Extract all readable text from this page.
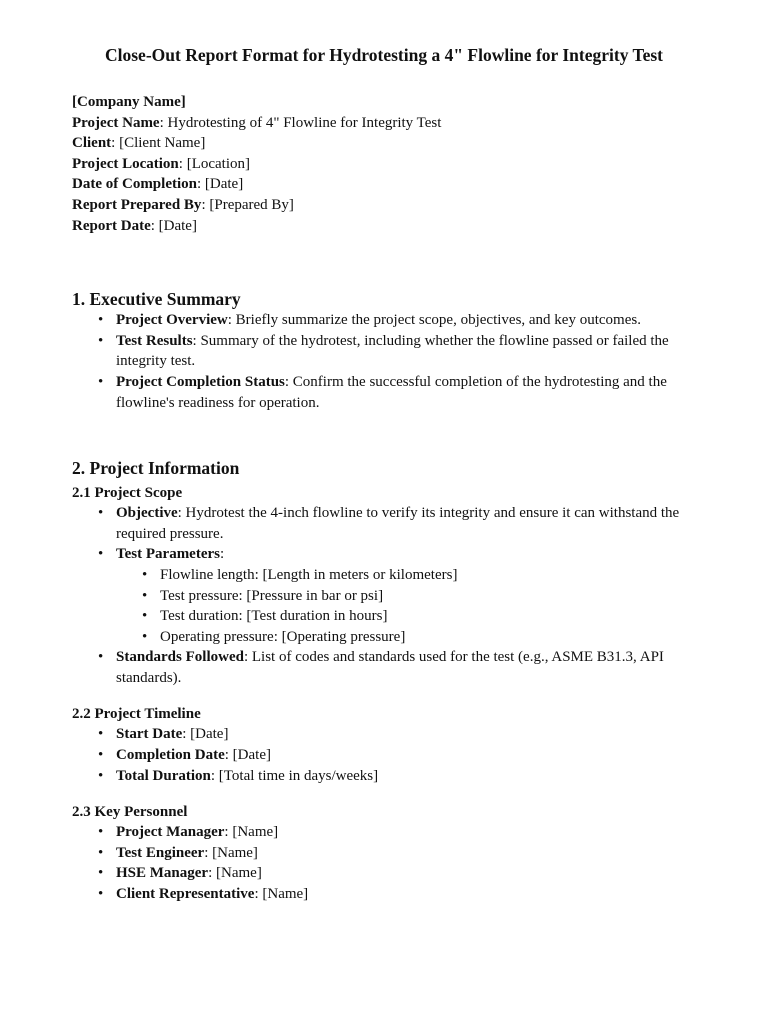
Close-Out Report Format for Hydrotesting a 4" Flowline for Integrity Test
[Company Name]
Project Name: Hydrotesting of 4" Flowline for Integrity Test
Client: [Client Name]
Project Location: [Location]
Date of Completion: [Date]
Report Prepared By: [Prepared By]
Report Date: [Date]
1. Executive Summary
• Project Overview: Briefly summarize the project scope, objectives, and key outcomes.
• Test Results: Summary of the hydrotest, including whether the flowline passed or failed the integrity test.
• Project Completion Status: Confirm the successful completion of the hydrotesting and the flowline's readiness for operation.
2. Project Information
2.1 Project Scope
• Objective: Hydrotest the 4-inch flowline to verify its integrity and ensure it can withstand the required pressure.
• Test Parameters:
• Flowline length: [Length in meters or kilometers]
• Test pressure: [Pressure in bar or psi]
• Test duration: [Test duration in hours]
• Operating pressure: [Operating pressure]
• Standards Followed: List of codes and standards used for the test (e.g., ASME B31.3, API standards).
2.2 Project Timeline
• Start Date: [Date]
• Completion Date: [Date]
• Total Duration: [Total time in days/weeks]
2.3 Key Personnel
• Project Manager: [Name]
• Test Engineer: [Name]
• HSE Manager: [Name]
• Client Representative: [Name]
